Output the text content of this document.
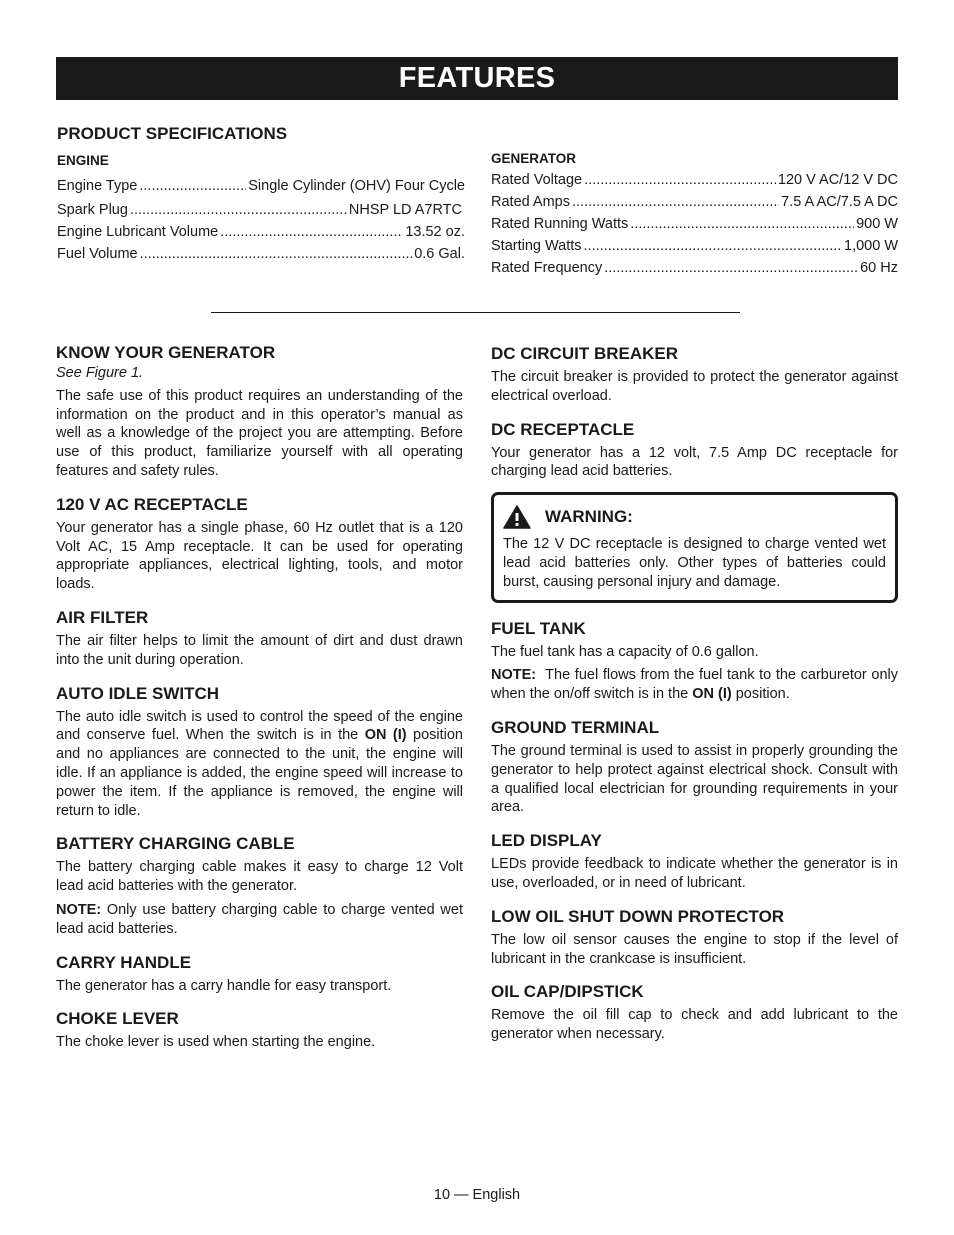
FEATURES
PRODUCT SPECIFICATIONS
ENGINE
Engine Type .....	Single Cylinder (OHV) Four Cycle
Spark Plug .....	NHSP LD A7RTC
Engine Lubricant Volume .....	13.52 oz.
Fuel Volume .....	0.6 Gal.
GENERATOR
Rated Voltage .....	120 V AC/12 V DC
Rated Amps .....	7.5 A AC/7.5 A DC
Rated Running Watts .....	900 W
Starting Watts .....	1,000 W
Rated Frequency .....	60 Hz
KNOW YOUR GENERATOR

See Figure 1.

The safe use of this product requires an understanding of the information on the product and in this operator’s manual as well as a knowledge of the project you are attempting. Before use of this product, familiarize yourself with all operating features and safety rules.

120 V AC RECEPTACLE

Your generator has a single phase, 60 Hz outlet that is a 120 Volt AC, 15 Amp receptacle. It can be used for operating appropriate appliances, electrical lighting, tools, and motor loads.

AIR FILTER

The air filter helps to limit the amount of dirt and dust drawn into the unit during operation.

AUTO IDLE SWITCH

The auto idle switch is used to control the speed of the engine and conserve fuel. When the switch is in the ON (I) position and no appliances are connected to the unit, the engine will idle. If an appliance is added, the engine speed will increase to power the item. If the appliance is removed, the engine will return to idle.

BATTERY CHARGING CABLE

The battery charging cable makes it easy to charge 12 Volt lead acid batteries with the generator.

NOTE: Only use battery charging cable to charge vented wet lead acid batteries.

CARRY HANDLE

The generator has a carry handle for easy transport.

CHOKE LEVER

The choke lever is used when starting the engine.

DC CIRCUIT BREAKER

The circuit breaker is provided to protect the generator against electrical overload.

DC RECEPTACLE

Your generator has a 12 volt, 7.5 Amp DC receptacle for charging lead acid batteries.

WARNING:

The 12 V DC receptacle is designed to charge vented wet lead acid batteries only. Other types of batteries could burst, causing personal injury and damage.

FUEL TANK

The fuel tank has a capacity of 0.6 gallon.

NOTE:  The fuel flows from the fuel tank to the carburetor only when the on/off switch is in the ON (I) position.

GROUND TERMINAL

The ground terminal is used to assist in properly grounding the generator to help protect against electrical shock. Consult with a qualified local electrician for grounding requirements in your area.

LED DISPLAY

LEDs provide feedback to indicate whether the generator is in use, overloaded, or in need of lubricant.

LOW OIL SHUT DOWN PROTECTOR

The low oil sensor causes the engine to stop if the level of lubricant in the crankcase is insufficient.

OIL CAP/DIPSTICK

Remove the oil fill cap to check and add lubricant to the generator when necessary.

10 — English
